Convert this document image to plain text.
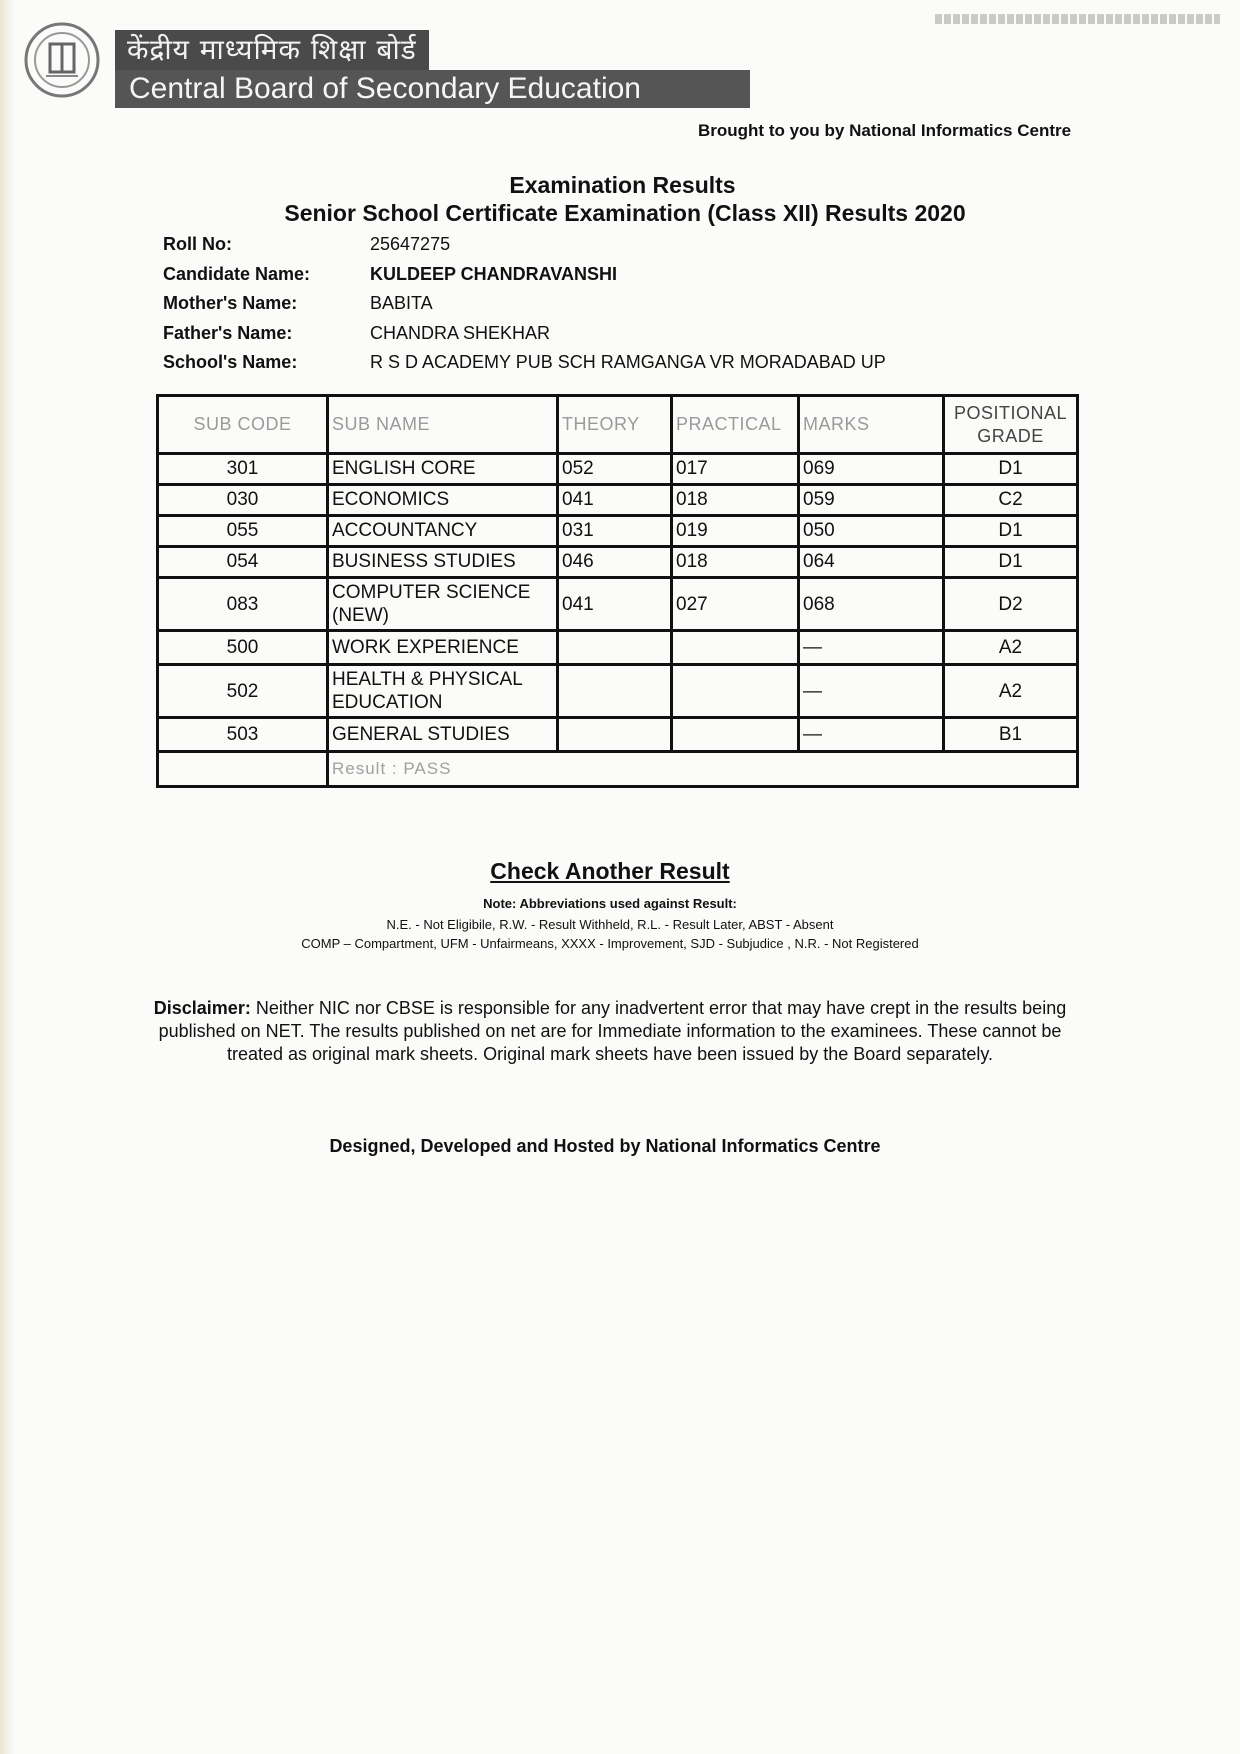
केंद्रीय माध्यमिक शिक्षा बोर्ड
Central Board of Secondary Education
Brought to you by National Informatics Centre
Examination Results
Senior School Certificate Examination (Class XII) Results 2020
Roll No:	25647275
Candidate Name:	KULDEEP CHANDRAVANSHI
Mother's Name:	BABITA
Father's Name:	CHANDRA SHEKHAR
School's Name:	R S D ACADEMY PUB SCH RAMGANGA VR MORADABAD UP
SUB CODE	SUB NAME	THEORY	PRACTICAL	MARKS	POSITIONAL
GRADE
301	ENGLISH CORE	052	017	069	D1
030	ECONOMICS	041	018	059	C2
055	ACCOUNTANCY	031	019	050	D1
054	BUSINESS STUDIES	046	018	064	D1
083	COMPUTER SCIENCE
(NEW)	041	027	068	D2
500	WORK EXPERIENCE			—	A2
502	HEALTH & PHYSICAL
EDUCATION			—	A2
503	GENERAL STUDIES			—	B1
	Result : PASS				
Check Another Result
Note: Abbreviations used against Result:
N.E. - Not Eligibile, R.W. - Result Withheld, R.L. - Result Later, ABST - Absent
COMP – Compartment, UFM - Unfairmeans, XXXX - Improvement, SJD - Subjudice , N.R. - Not Registered
Disclaimer: Neither NIC nor CBSE is responsible for any inadvertent error that may have crept in the results being published on NET. The results published on net are for Immediate information to the examinees. These cannot be treated as original mark sheets. Original mark sheets have been issued by the Board separately.
Designed, Developed and Hosted by National Informatics Centre
